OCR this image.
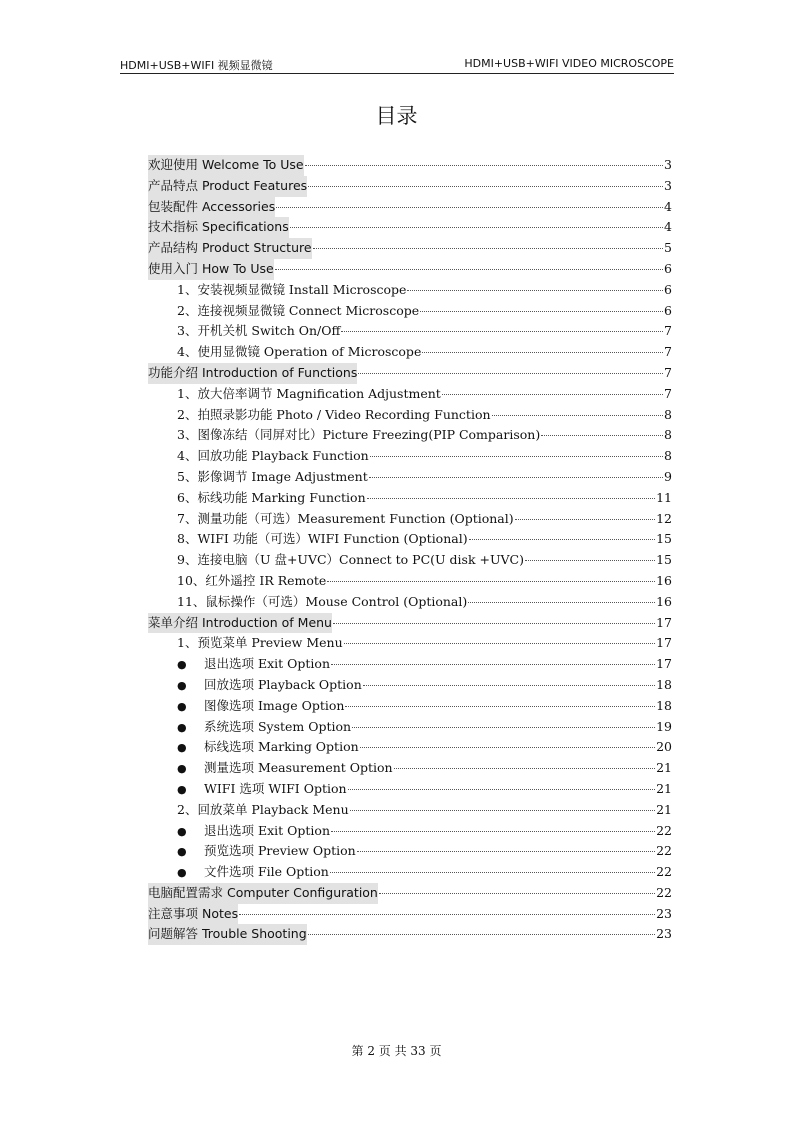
HDMI+USB+WIFI 视频显微镜	HDMI+USB+WIFI VIDEO MICROSCOPE
目录
欢迎使用 Welcome To Use	3
产品特点 Product Features	3
包装配件 Accessories	4
技术指标 Specifications	4
产品结构 Product Structure	5
使用入门 How To Use	6
1、安装视频显微镜 Install Microscope	6
2、连接视频显微镜 Connect Microscope	6
3、开机关机 Switch On/Off	7
4、使用显微镜 Operation of Microscope	7
功能介绍 Introduction of Functions	7
1、放大倍率调节 Magnification Adjustment	7
2、拍照录影功能 Photo / Video Recording Function	8
3、图像冻结（同屏对比）Picture Freezing(PIP Comparison)	8
4、回放功能 Playback Function	8
5、影像调节 Image Adjustment	9
6、标线功能 Marking Function	11
7、测量功能（可选）Measurement Function (Optional)	12
8、WIFI 功能（可选）WIFI Function (Optional)	15
9、连接电脑（U 盘+UVC）Connect to PC(U disk +UVC)	15
10、红外遥控 IR Remote	16
11、鼠标操作（可选）Mouse Control (Optional)	16
菜单介绍 Introduction of Menu	17
1、预览菜单 Preview Menu	17
●	退出选项 Exit Option	17
●	回放选项 Playback Option	18
●	图像选项 Image Option	18
●	系统选项 System Option	19
●	标线选项 Marking Option	20
●	测量选项 Measurement Option	21
●	WIFI 选项 WIFI Option	21
2、回放菜单 Playback Menu	21
●	退出选项 Exit Option	22
●	预览选项 Preview Option	22
●	文件选项 File Option	22
电脑配置需求 Computer Configuration	22
注意事项 Notes	23
问题解答 Trouble Shooting	23
第 2 页 共 33 页
